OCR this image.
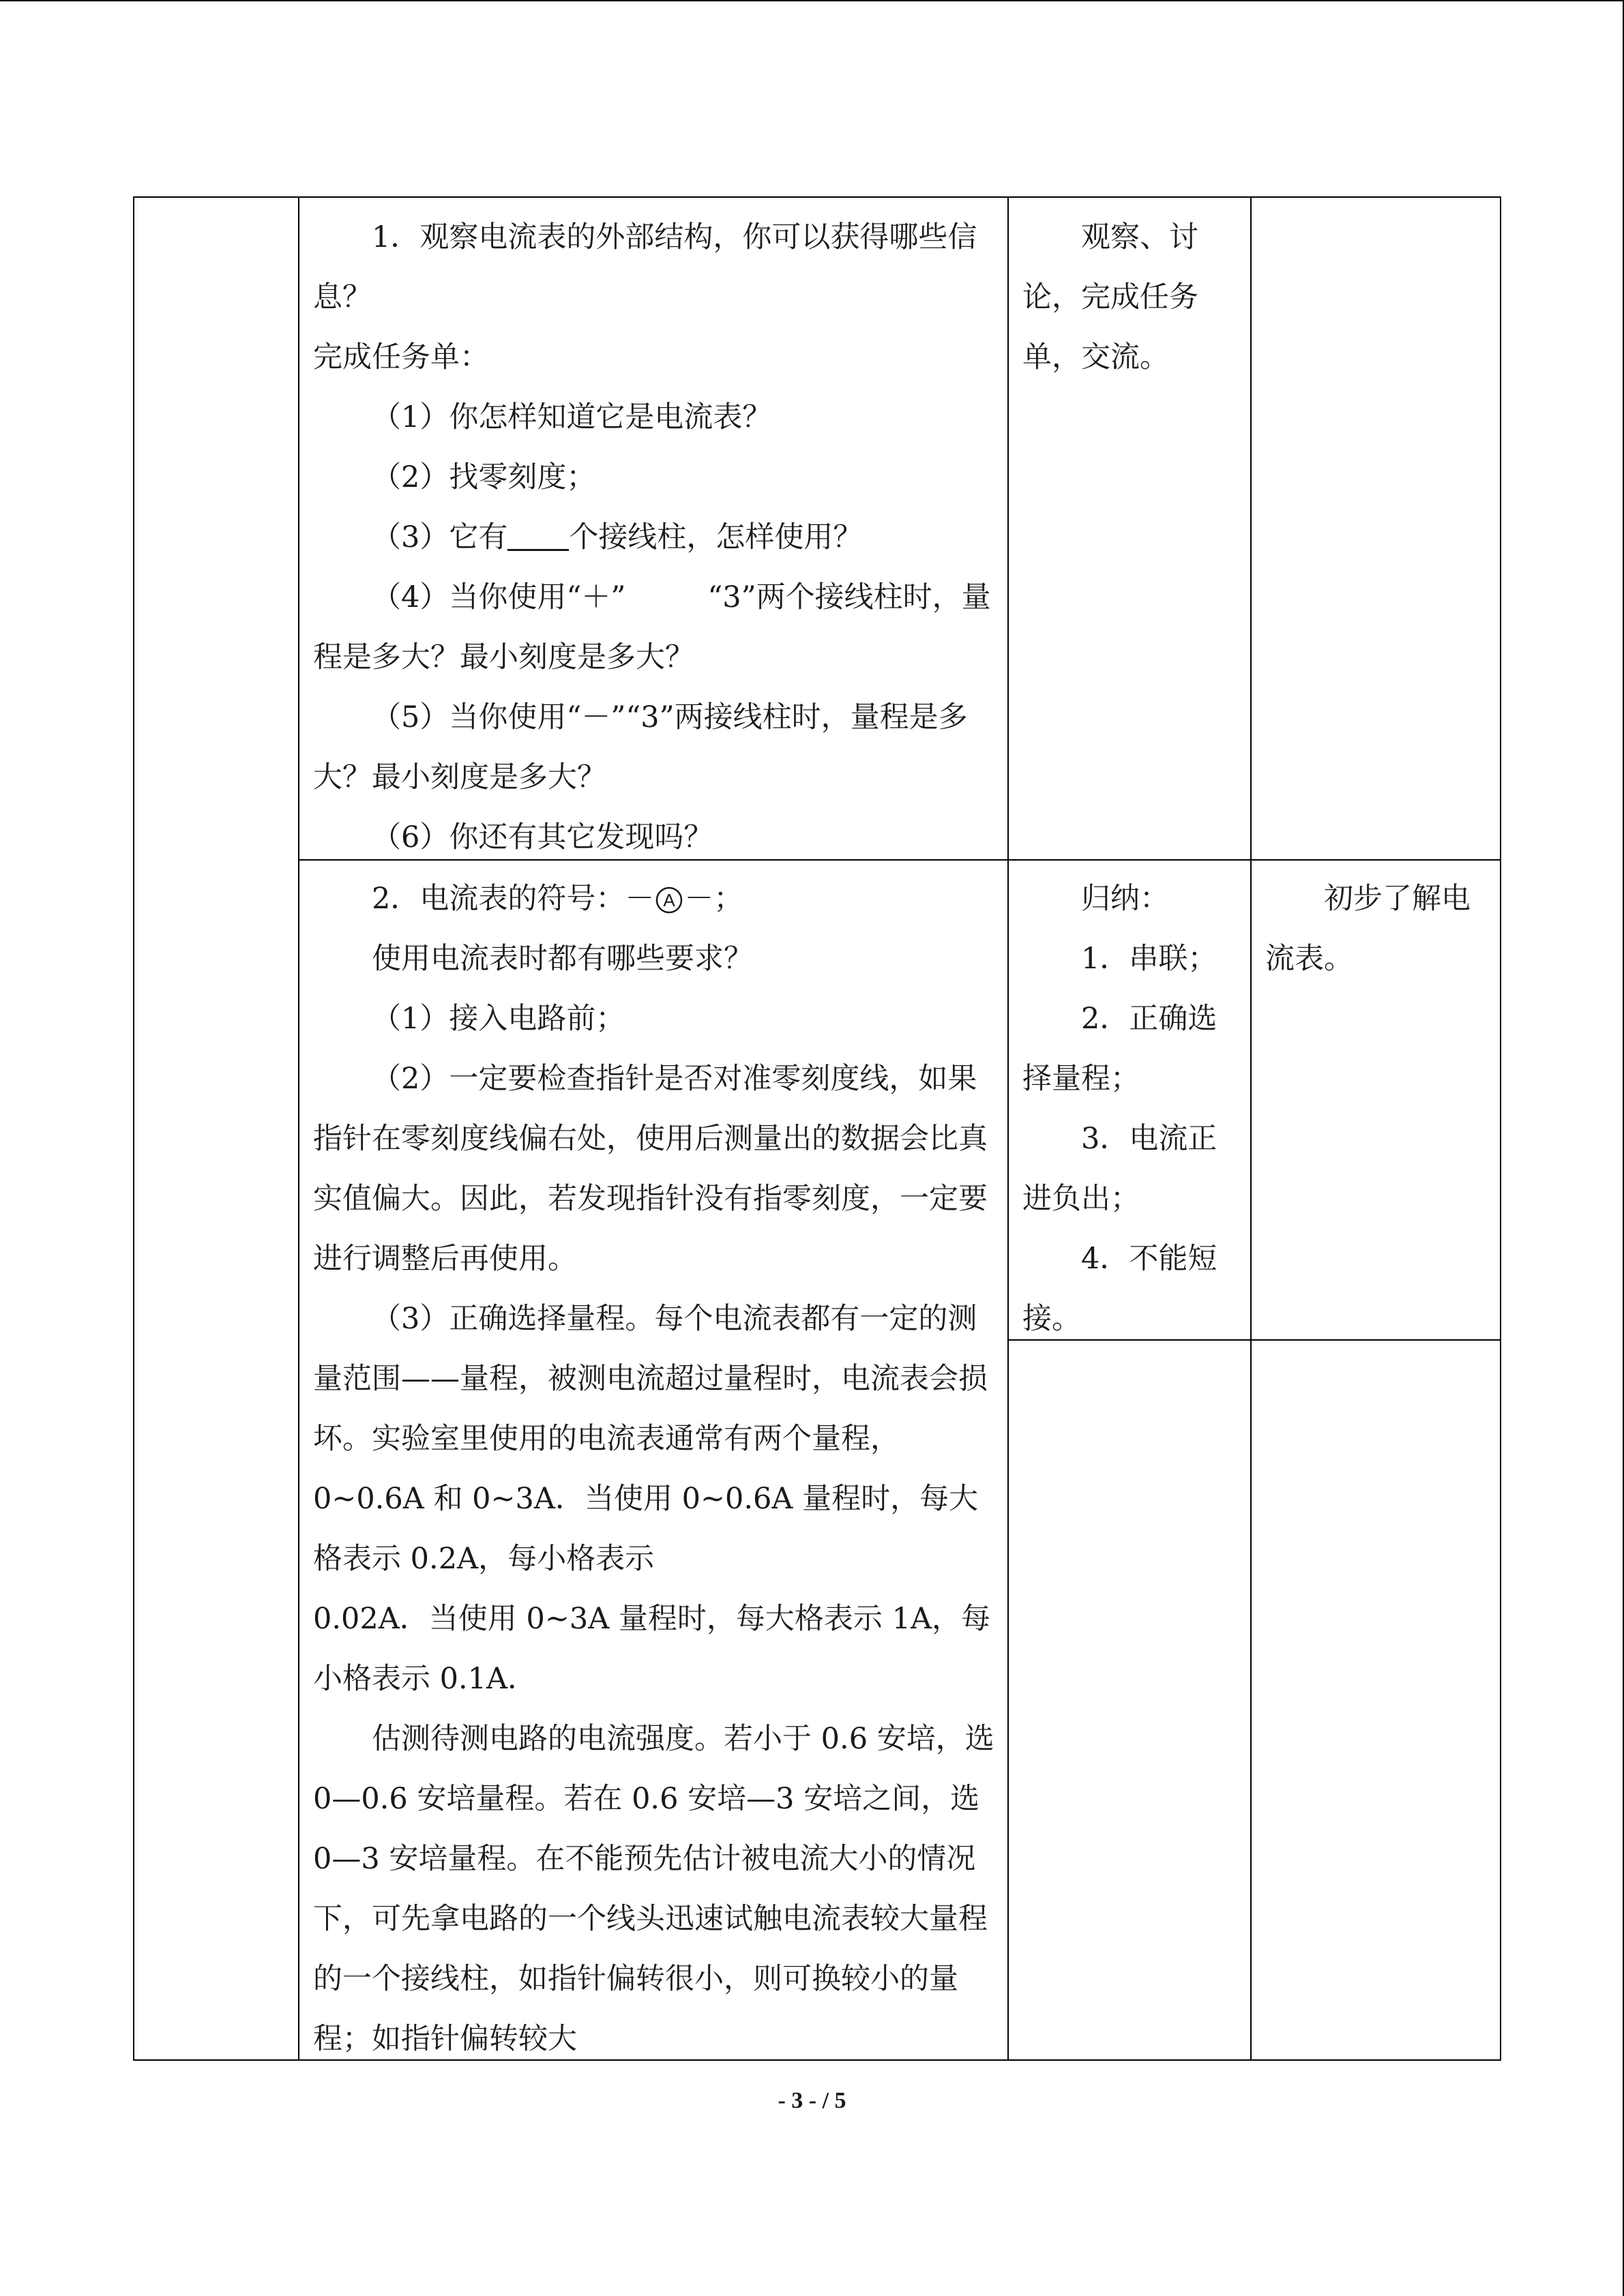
1．观察电流表的外部结构，你可以获得哪些信息？

完成任务单：

（1）你怎样知道它是电流表？

（2）找零刻度；

（3）它有 个接线柱，怎样使用？

（4）当你使用“＋”	“3”两个接线柱时，量程是多大？最小刻度是多大？

（5）当你使用“－”“3”两接线柱时，量程是多大？最小刻度是多大？

（6）你还有其它发现吗？

观察、讨论，完成任务单，交流。

2．电流表的符号：－ A －；

使用电流表时都有哪些要求？

（1）接入电路前；

（2）一定要检查指针是否对准零刻度线，如果指针在零刻度线偏右处，使用后测量出的数据会比真实值偏大。因此，若发现指针没有指零刻度，一定要进行调整后再使用。

（3）正确选择量程。每个电流表都有一定的测量范围——量程，被测电流超过量程时，电流表会损坏。实验室里使用的电流表通常有两个量程，0~0.6A 和 0~3A．当使用 0~0.6A 量程时，每大格表示 0.2A，每小格表示

0.02A．当使用 0~3A 量程时，每大格表示 1A，每小格表示 0.1A．

估测待测电路的电流强度。若小于 0.6 安培，选 0—0.6 安培量程。若在 0.6 安培—3 安培之间，选 0—3 安培量程。在不能预先估计被电流大小的情况下，可先拿电路的一个线头迅速试触电流表较大量程的一个接线柱，如指针偏转很小，则可换较小的量程；如指针偏转较大

归纳：

1．串联；

2．正确选择量程；

3．电流正进负出；

4．不能短接。

初步了解电流表。

- 3 - / 5
